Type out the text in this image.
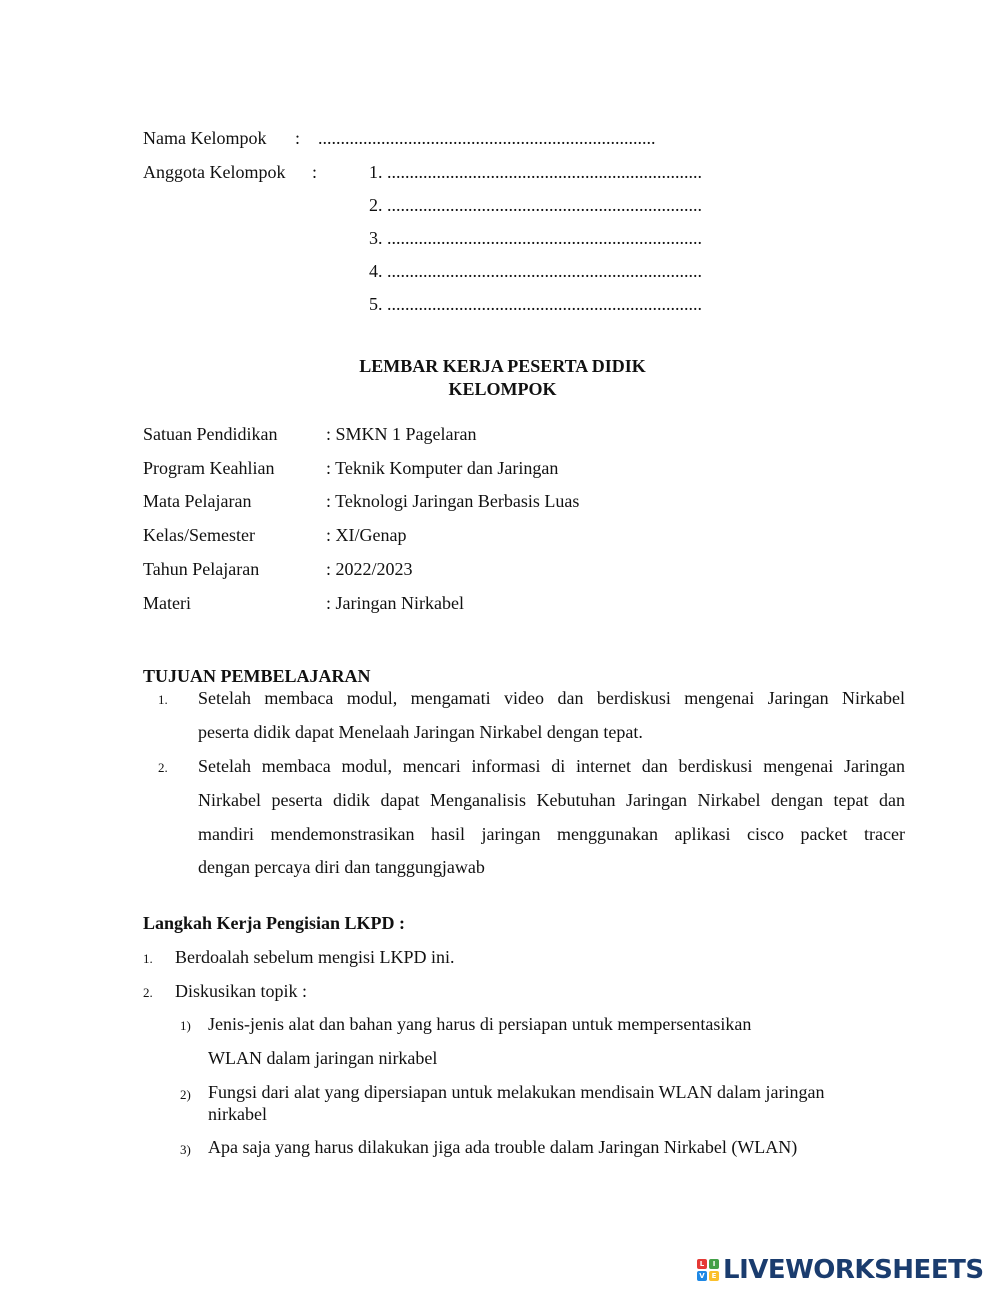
Nama Kelompok : ...........................................................................
Anggota Kelompok :	1. ......................................................................
2. ......................................................................
3. ......................................................................
4. ......................................................................
5. ......................................................................
LEMBAR KERJA PESERTA DIDIK
KELOMPOK
Satuan Pendidikan	: SMKN 1 Pagelaran
Program Keahlian	: Teknik Komputer dan Jaringan
Mata Pelajaran	: Teknologi Jaringan Berbasis Luas
Kelas/Semester	: XI/Genap
Tahun Pelajaran	: 2022/2023
Materi	: Jaringan Nirkabel
TUJUAN PEMBELAJARAN
1. Setelah membaca modul, mengamati video dan berdiskusi mengenai Jaringan Nirkabel
peserta didik dapat Menelaah Jaringan Nirkabel dengan tepat.
2. Setelah membaca modul, mencari informasi di internet dan berdiskusi mengenai Jaringan
Nirkabel peserta didik dapat Menganalisis Kebutuhan Jaringan Nirkabel dengan tepat dan
mandiri mendemonstrasikan hasil jaringan menggunakan aplikasi cisco packet tracer
dengan percaya diri dan tanggungjawab
Langkah Kerja Pengisian LKPD :
1. Berdoalah sebelum mengisi LKPD ini.
2. Diskusikan topik :
1) Jenis-jenis alat dan bahan yang harus di persiapan untuk mempersentasikan
WLAN dalam jaringan nirkabel
2) Fungsi dari alat yang dipersiapan untuk melakukan mendisain WLAN dalam jaringan
nirkabel
3) Apa saja yang harus dilakukan jiga ada trouble dalam Jaringan Nirkabel (WLAN)
L	I
V E LIVEWORKSHEETS
